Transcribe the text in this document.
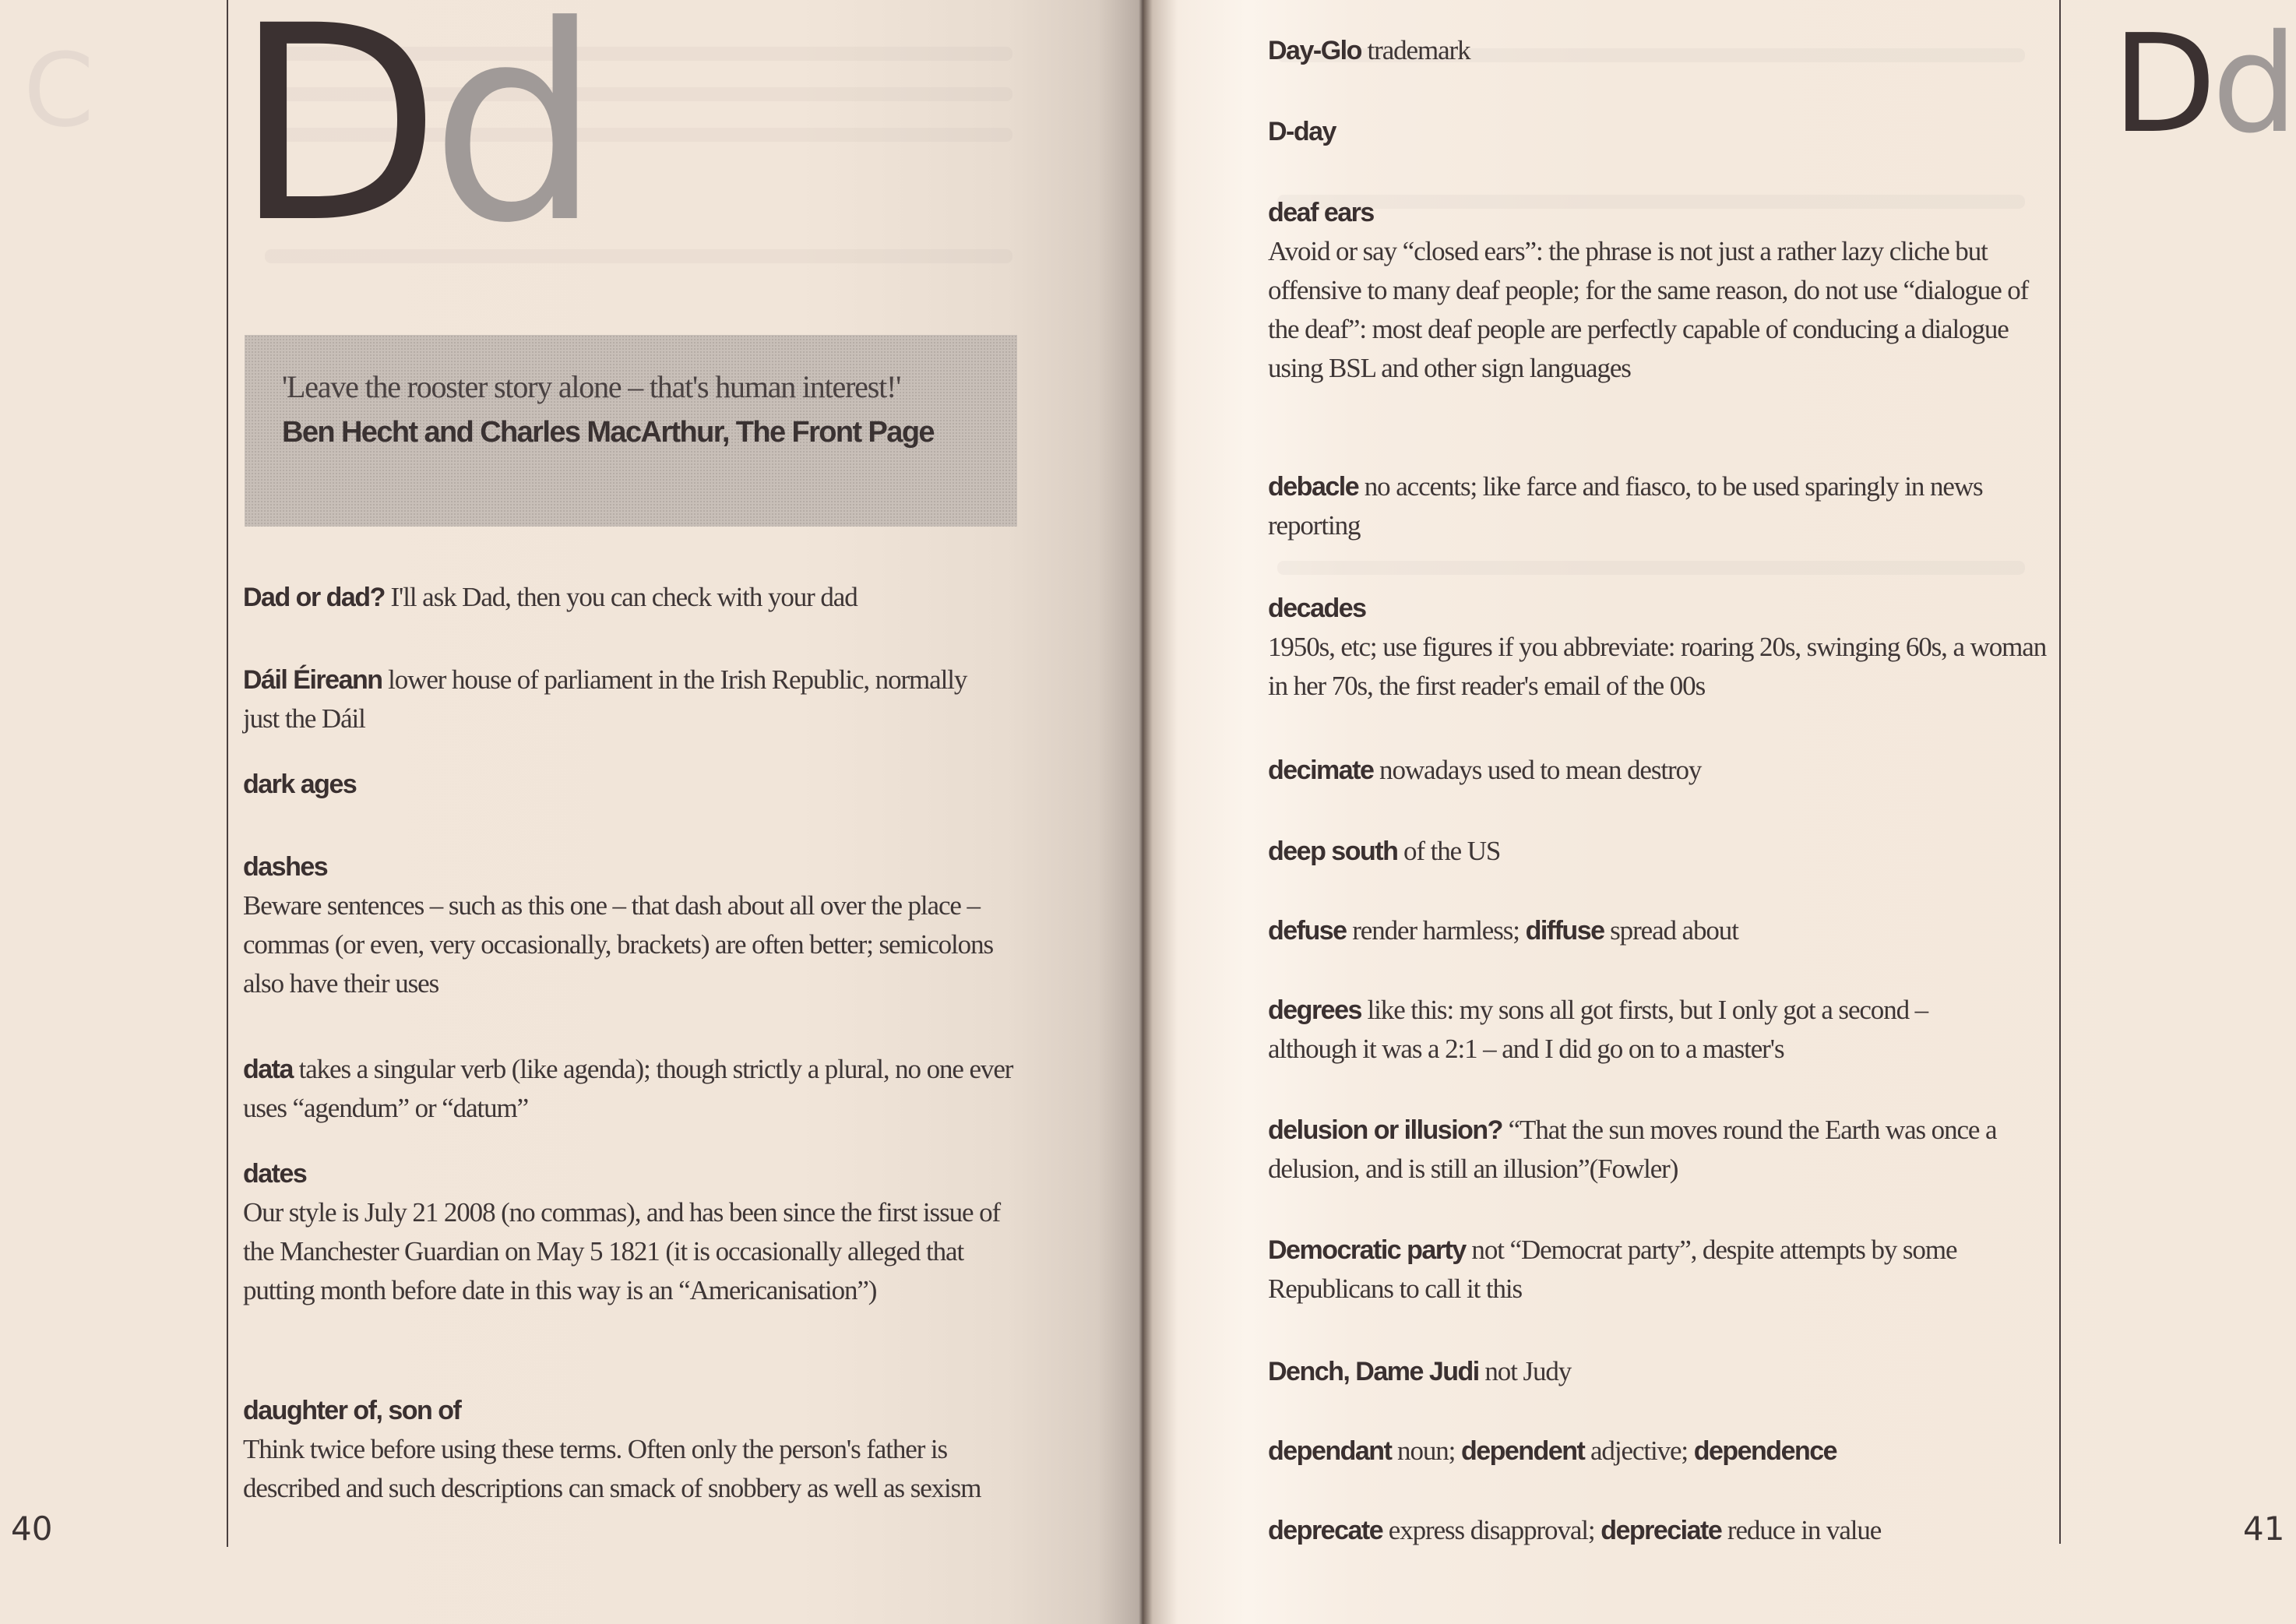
C Dd	Dd
'Leave the rooster story alone – that's human interest!'
Ben Hecht and Charles MacArthur, The Front Page
Dad or dad? I'll ask Dad, then you can check with your dad
Dáil Éireann lower house of parliament in the Irish Republic, normally just the Dáil
dark ages
dashes
Beware sentences – such as this one – that dash about all over the place – commas (or even, very occasionally, brackets) are often better; semicolons also have their uses
data takes a singular verb (like agenda); though strictly a plural, no one ever uses “agendum” or “datum”
dates
Our style is July 21 2008 (no commas), and has been since the first issue of the Manchester Guardian on May 5 1821 (it is occasionally alleged that putting month before date in this way is an “Americanisation”)
daughter of, son of
Think twice before using these terms. Often only the person's father is described and such descriptions can smack of snobbery as well as sexism
Day-Glo trademark
D-day
deaf ears
Avoid or say “closed ears”: the phrase is not just a rather lazy cliche but offensive to many deaf people; for the same reason, do not use “dialogue of the deaf”: most deaf people are perfectly capable of conducing a dialogue using BSL and other sign languages
debacle no accents; like farce and fiasco, to be used sparingly in news reporting
decades
1950s, etc; use figures if you abbreviate: roaring 20s, swinging 60s, a woman in her 70s, the first reader's email of the 00s
decimate nowadays used to mean destroy
deep south of the US
defuse render harmless; diffuse spread about
degrees like this: my sons all got firsts, but I only got a second – although it was a 2:1 – and I did go on to a master's
delusion or illusion? “That the sun moves round the Earth was once a delusion, and is still an illusion”(Fowler)
Democratic party not “Democrat party”, despite attempts by some Republicans to call it this
Dench, Dame Judi not Judy
dependant noun; dependent adjective; dependence
deprecate express disapproval; depreciate reduce in value
40	41
